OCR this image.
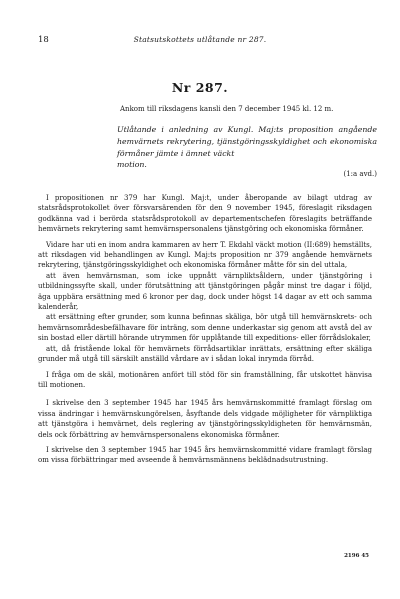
18	Statsutskottets utlåtande nr 287.
Nr 287.
Ankom till riksdagens kansli den 7 december 1945 kl. 12 m.
Utlåtande i anledning av Kungl. Maj:ts proposition angående hemvärnets rekrytering, tjänstgöringsskyldighet och ekonomiska förmåner jämte i ämnet väckt
motion.
(1:a avd.)

I propositionen nr 379 har Kungl. Maj:t, under åberopande av bilagt utdrag av statsrådsprotokollet över försvarsärenden för den 9 november 1945, föreslagit riksdagen godkänna vad i berörda statsrådsprotokoll av departementschefen föreslagits beträffande hemvärnets rekrytering samt hemvärnspersonalens tjänstgöring och ekonomiska förmåner.

Vidare har uti en inom andra kammaren av herr T. Ekdahl väckt motion (II:689) hemställts, att riksdagen vid behandlingen av Kungl. Maj:ts proposition nr 379 angående hemvärnets rekrytering, tjänstgöringsskyldighet och ekonomiska förmåner måtte för sin del uttala,

att även hemvärnsman, som icke uppnått värnpliktsåldern, under tjänstgöring i utbildningssyfte skall, under förutsättning att tjänstgöringen pågår minst tre dagar i följd, äga uppbära ersättning med 6 kronor per dag, dock under högst 14 dagar av ett och samma kalenderår,

att ersättning efter grunder, som kunna befinnas skäliga, bör utgå till hemvärnskrets- och hemvärnsområdesbefälhavare för inträng, som denne underkastar sig genom att avstå del av sin bostad eller därtill hörande utrymmen för upplåtande till expeditions- eller förrådslokaler,

att, då fristående lokal för hemvärnets förrådsartiklar inrättats, ersättning efter skäliga grunder må utgå till särskilt anställd vårdare av i sådan lokal inrymda förråd.

I fråga om de skäl, motionären anfört till stöd för sin framställning, får utskottet hänvisa till motionen.

I skrivelse den 3 september 1945 har 1945 års hemvärnskommitté framlagt förslag om vissa ändringar i hemvärnskungörelsen, åsyftande dels vidgade möjligheter för värnpliktiga att tjänstgöra i hemvärnet, dels reglering av tjänstgöringsskyldigheten för hemvärnsmän, dels ock förbättring av hemvärnspersonalens ekonomiska förmåner.

I skrivelse den 3 september 1945 har 1945 års hemvärnskommitté vidare framlagt förslag om vissa förbättringar med avseende å hemvärnsmännens beklädnadsutrustning.

2196 45
